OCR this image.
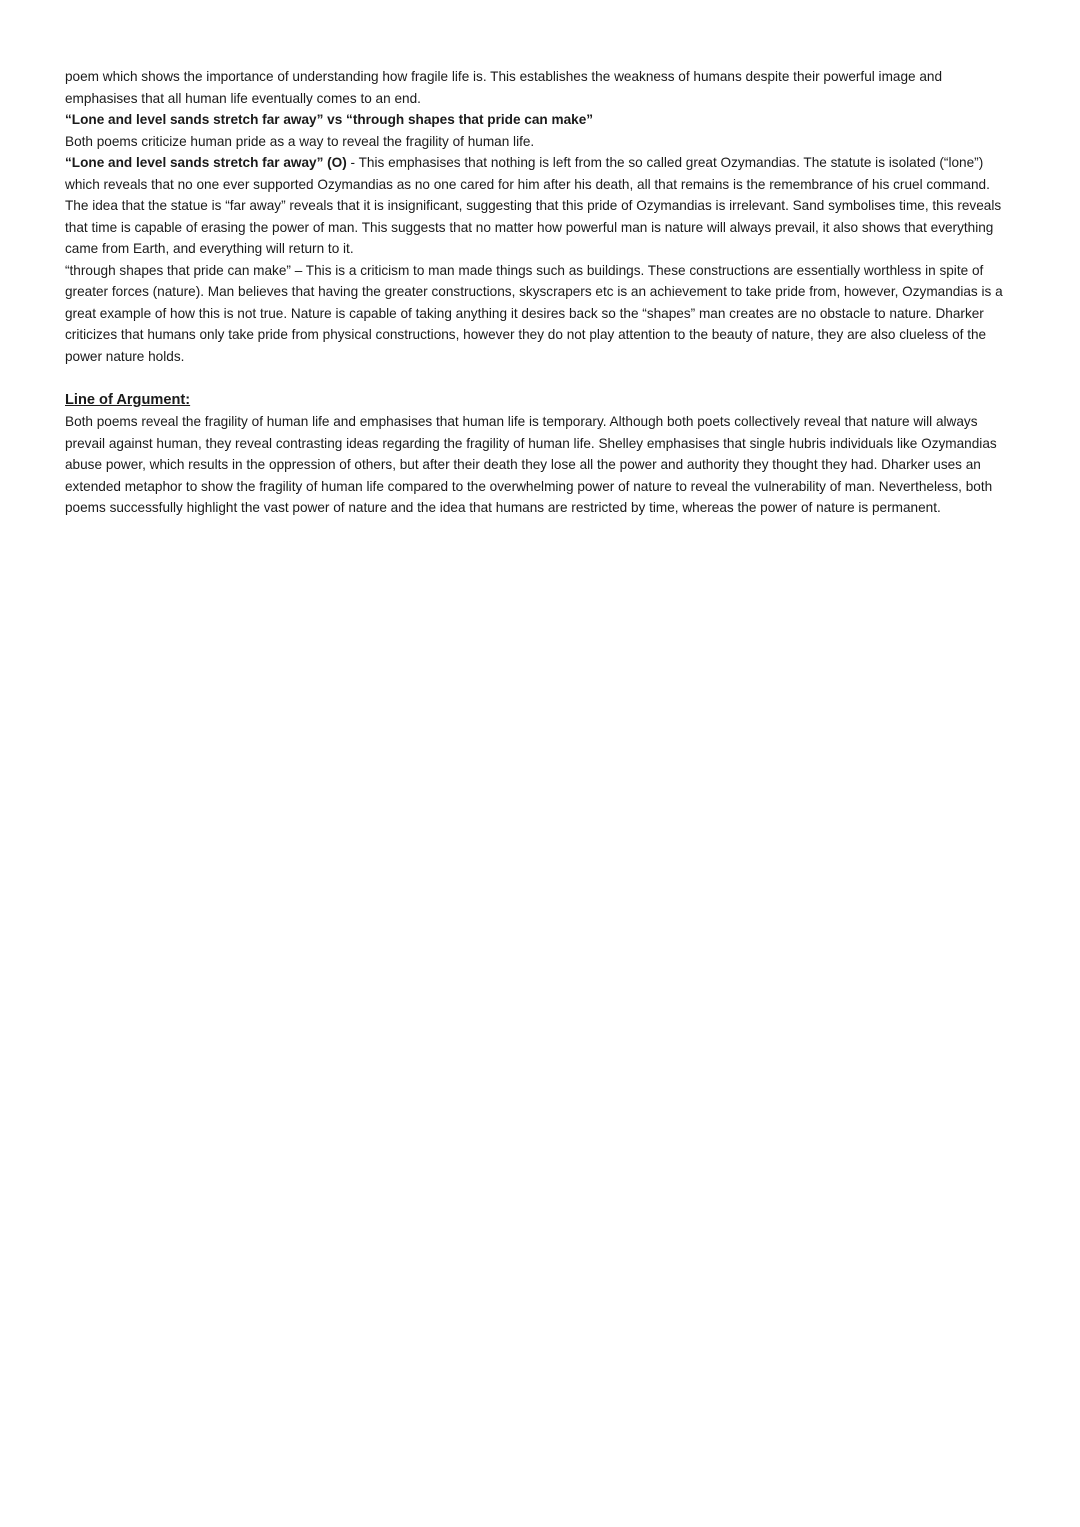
poem which shows the importance of understanding how fragile life is. This establishes the weakness of humans despite their powerful image and emphasises that all human life eventually comes to an end.

“Lone and level sands stretch far away” vs “through shapes that pride can make”

Both poems criticize human pride as a way to reveal the fragility of human life.

“Lone and level sands stretch far away” (O) - This emphasises that nothing is left from the so called great Ozymandias. The statute is isolated (“lone”) which reveals that no one ever supported Ozymandias as no one cared for him after his death, all that remains is the remembrance of his cruel command. The idea that the statue is “far away” reveals that it is insignificant, suggesting that this pride of Ozymandias is irrelevant. Sand symbolises time, this reveals that time is capable of erasing the power of man. This suggests that no matter how powerful man is nature will always prevail, it also shows that everything came from Earth, and everything will return to it.

“through shapes that pride can make” – This is a criticism to man made things such as buildings. These constructions are essentially worthless in spite of greater forces (nature). Man believes that having the greater constructions, skyscrapers etc is an achievement to take pride from, however, Ozymandias is a great example of how this is not true. Nature is capable of taking anything it desires back so the “shapes” man creates are no obstacle to nature. Dharker criticizes that humans only take pride from physical constructions, however they do not play attention to the beauty of nature, they are also clueless of the power nature holds.

Line of Argument:

Both poems reveal the fragility of human life and emphasises that human life is temporary. Although both poets collectively reveal that nature will always prevail against human, they reveal contrasting ideas regarding the fragility of human life. Shelley emphasises that single hubris individuals like Ozymandias abuse power, which results in the oppression of others, but after their death they lose all the power and authority they thought they had. Dharker uses an extended metaphor to show the fragility of human life compared to the overwhelming power of nature to reveal the vulnerability of man. Nevertheless, both poems successfully highlight the vast power of nature and the idea that humans are restricted by time, whereas the power of nature is permanent.
